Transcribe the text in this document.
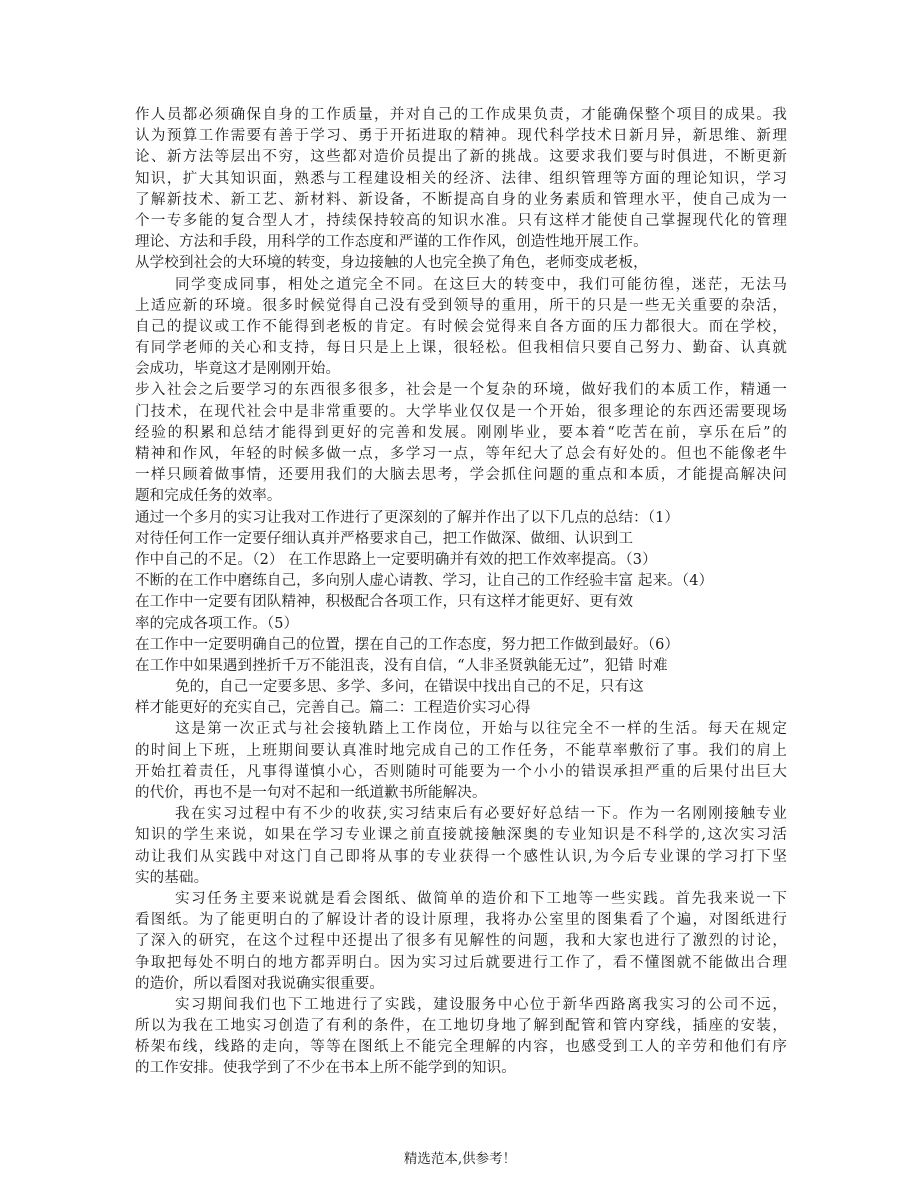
作人员都必须确保自身的工作质量，并对自己的工作成果负责，才能确保整个项目的成果。我
认为预算工作需要有善于学习、勇于开拓进取的精神。现代科学技术日新月异，新思维、新理
论、新方法等层出不穷，这些都对造价员提出了新的挑战。这要求我们要与时俱进，不断更新
知识，扩大其知识面，熟悉与工程建设相关的经济、法律、组织管理等方面的理论知识，学习
了解新技术、新工艺、新材料、新设备，不断提高自身的业务素质和管理水平，使自己成为一
个一专多能的复合型人才，持续保持较高的知识水准。只有这样才能使自己掌握现代化的管理
理论、方法和手段，用科学的工作态度和严谨的工作作风，创造性地开展工作。
从学校到社会的大环境的转变，身边接触的人也完全换了角色，老师变成老板，
同学变成同事，相处之道完全不同。在这巨大的转变中，我们可能彷徨，迷茫，无法马
上适应新的环境。很多时候觉得自己没有受到领导的重用，所干的只是一些无关重要的杂活，
自己的提议或工作不能得到老板的肯定。有时候会觉得来自各方面的压力都很大。而在学校，
有同学老师的关心和支持，每日只是上上课，很轻松。但我相信只要自己努力、勤奋、认真就
会成功，毕竟这才是刚刚开始。
步入社会之后要学习的东西很多很多，社会是一个复杂的环境，做好我们的本质工作，精通一
门技术，在现代社会中是非常重要的。大学毕业仅仅是一个开始，很多理论的东西还需要现场
经验的积累和总结才能得到更好的完善和发展。刚刚毕业，要本着“吃苦在前，享乐在后”的
精神和作风，年轻的时候多做一点，多学习一点，等年纪大了总会有好处的。但也不能像老牛
一样只顾着做事情，还要用我们的大脑去思考，学会抓住问题的重点和本质，才能提高解决问
题和完成任务的效率。
通过一个多月的实习让我对工作进行了更深刻的了解并作出了以下几点的总结：（1）
对待任何工作一定要仔细认真并严格要求自己，把工作做深、做细、认识到工
作中自己的不足。（2） 在工作思路上一定要明确并有效的把工作效率提高。（3）
不断的在工作中磨练自己，多向别人虚心请教、学习，让自己的工作经验丰富 起来。（4）
在工作中一定要有团队精神，积极配合各项工作，只有这样才能更好、更有效
率的完成各项工作。（5）
在工作中一定要明确自己的位置，摆在自己的工作态度，努力把工作做到最好。（6）
在工作中如果遇到挫折千万不能沮丧，没有自信，“人非圣贤孰能无过”，犯错 时难
免的，自己一定要多思、多学、多问，在错误中找出自己的不足，只有这
样才能更好的充实自己，完善自己。篇二：工程造价实习心得
这是第一次正式与社会接轨踏上工作岗位，开始与以往完全不一样的生活。每天在规定
的时间上下班，上班期间要认真准时地完成自己的工作任务，不能草率敷衍了事。我们的肩上
开始扛着责任，凡事得谨慎小心，否则随时可能要为一个小小的错误承担严重的后果付出巨大
的代价，再也不是一句对不起和一纸道歉书所能解决。
我在实习过程中有不少的收获,实习结束后有必要好好总结一下。作为一名刚刚接触专业
知识的学生来说，如果在学习专业课之前直接就接触深奥的专业知识是不科学的,这次实习活
动让我们从实践中对这门自己即将从事的专业获得一个感性认识,为今后专业课的学习打下坚
实的基础。
实习任务主要来说就是看会图纸、做简单的造价和下工地等一些实践。首先我来说一下
看图纸。为了能更明白的了解设计者的设计原理，我将办公室里的图集看了个遍，对图纸进行
了深入的研究，在这个过程中还提出了很多有见解性的问题，我和大家也进行了激烈的讨论，
争取把每处不明白的地方都弄明白。因为实习过后就要进行工作了，看不懂图就不能做出合理
的造价，所以看图对我说确实很重要。
实习期间我们也下工地进行了实践，建设服务中心位于新华西路离我实习的公司不远，
所以为我在工地实习创造了有利的条件，在工地切身地了解到配管和管内穿线，插座的安装，
桥架布线，线路的走向，等等在图纸上不能完全理解的内容，也感受到工人的辛劳和他们有序
的工作安排。使我学到了不少在书本上所不能学到的知识。
精选范本,供参考！
